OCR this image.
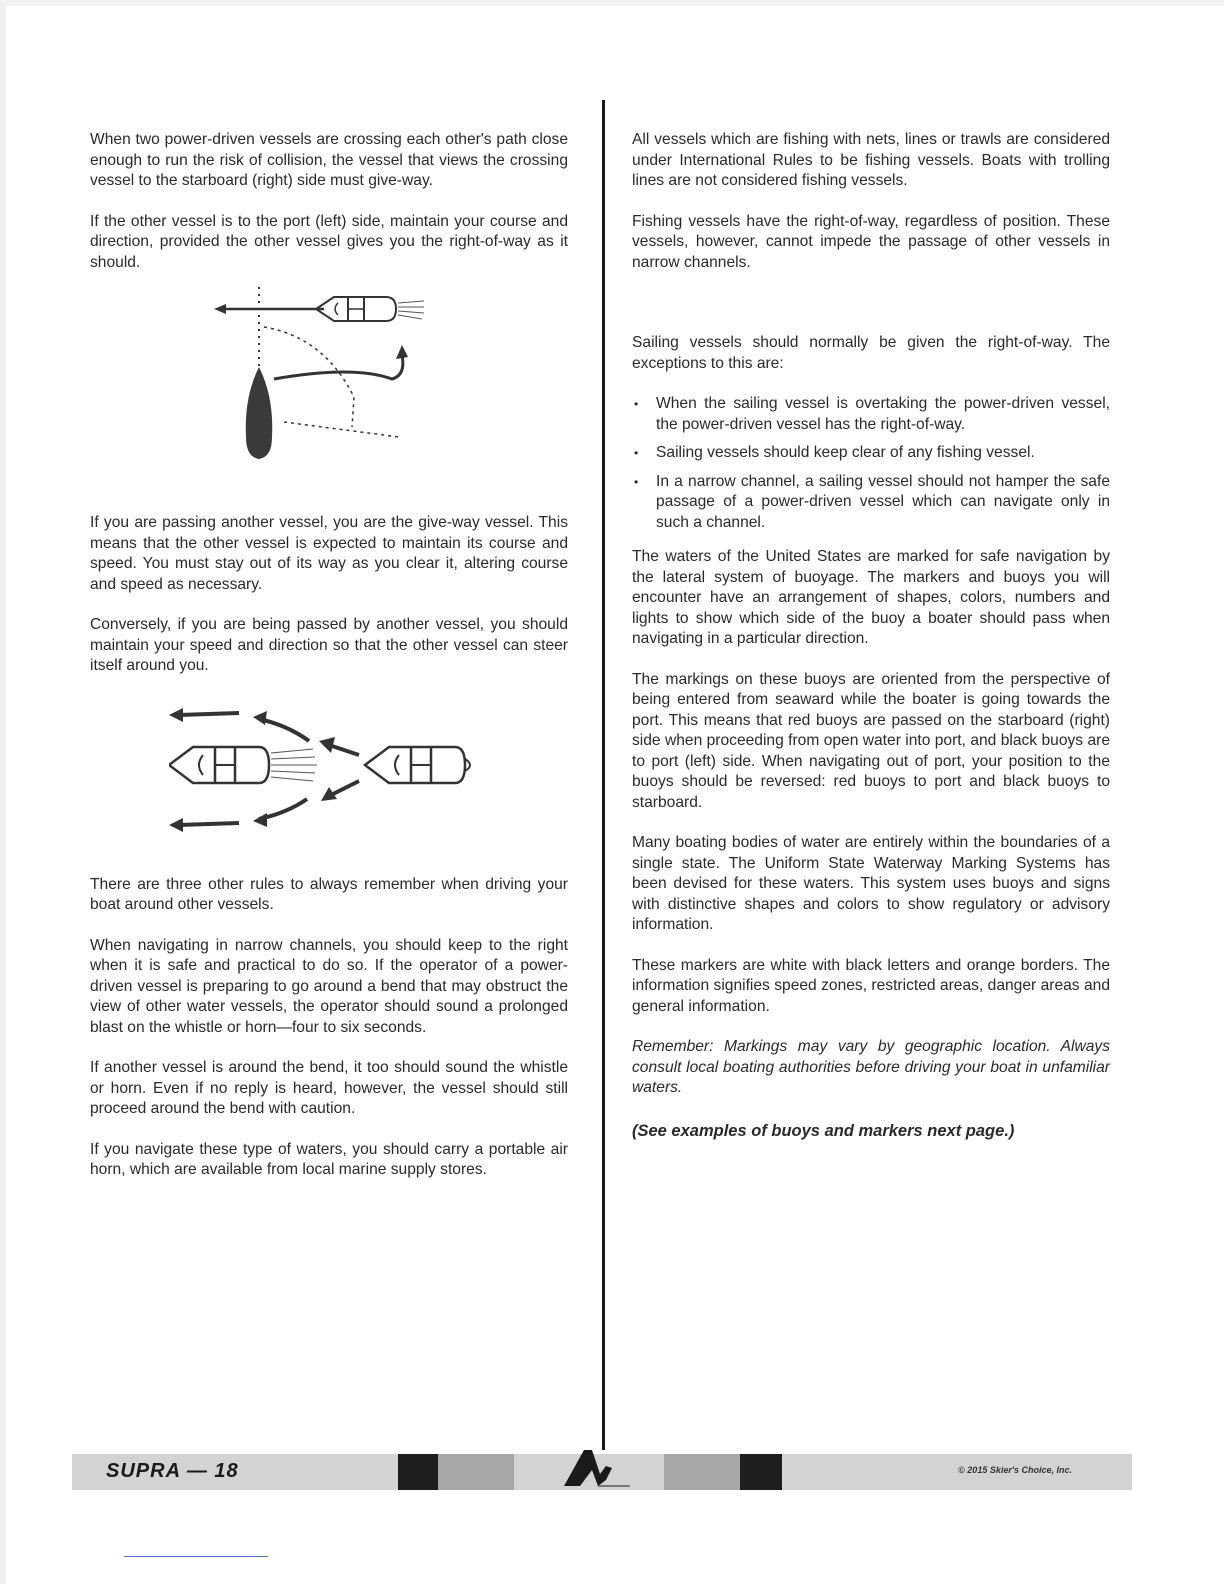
When two power-driven vessels are crossing each other's path close enough to run the risk of collision, the vessel that views the crossing vessel to the starboard (right) side must give-way.

If the other vessel is to the port (left) side, maintain your course and direction, provided the other vessel gives you the right-of-way as it should.

If you are passing another vessel, you are the give-way vessel. This means that the other vessel is expected to maintain its course and speed. You must stay out of its way as you clear it, altering course and speed as necessary.

Conversely, if you are being passed by another vessel, you should maintain your speed and direction so that the other vessel can steer itself around you.

There are three other rules to always remember when driving your boat around other vessels.

When navigating in narrow channels, you should keep to the right when it is safe and practical to do so. If the operator of a power-driven vessel is preparing to go around a bend that may obstruct the view of other water vessels, the operator should sound a prolonged blast on the whistle or horn—four to six seconds.

If another vessel is around the bend, it too should sound the whistle or horn. Even if no reply is heard, however, the vessel should still proceed around the bend with caution.

If you navigate these type of waters, you should carry a portable air horn, which are available from local marine supply stores.

All vessels which are fishing with nets, lines or trawls are considered under International Rules to be fishing vessels. Boats with trolling lines are not considered fishing vessels.

Fishing vessels have the right-of-way, regardless of position. These vessels, however, cannot impede the passage of other vessels in narrow channels.

Sailing vessels should normally be given the right-of-way. The exceptions to this are:

• When the sailing vessel is overtaking the power-driven vessel, the power-driven vessel has the right-of-way.
• Sailing vessels should keep clear of any fishing vessel.
• In a narrow channel, a sailing vessel should not hamper the safe passage of a power-driven vessel which can navigate only in such a channel.

The waters of the United States are marked for safe navigation by the lateral system of buoyage. The markers and buoys you will encounter have an arrangement of shapes, colors, numbers and lights to show which side of the buoy a boater should pass when navigating in a particular direction.

The markings on these buoys are oriented from the perspective of being entered from seaward while the boater is going towards the port. This means that red buoys are passed on the starboard (right) side when proceeding from open water into port, and black buoys are to port (left) side. When navigating out of port, your position to the buoys should be reversed: red buoys to port and black buoys to starboard.

Many boating bodies of water are entirely within the boundaries of a single state. The Uniform State Waterway Marking Systems has been devised for these waters. This system uses buoys and signs with distinctive shapes and colors to show regulatory or advisory information.

These markers are white with black letters and orange borders. The information signifies speed zones, restricted areas, danger areas and general information.

Remember: Markings may vary by geographic location. Always consult local boating authorities before driving your boat in unfamiliar waters.

(See examples of buoys and markers next page.)

SUPRA — 18	© 2015 Skier's Choice, Inc.
